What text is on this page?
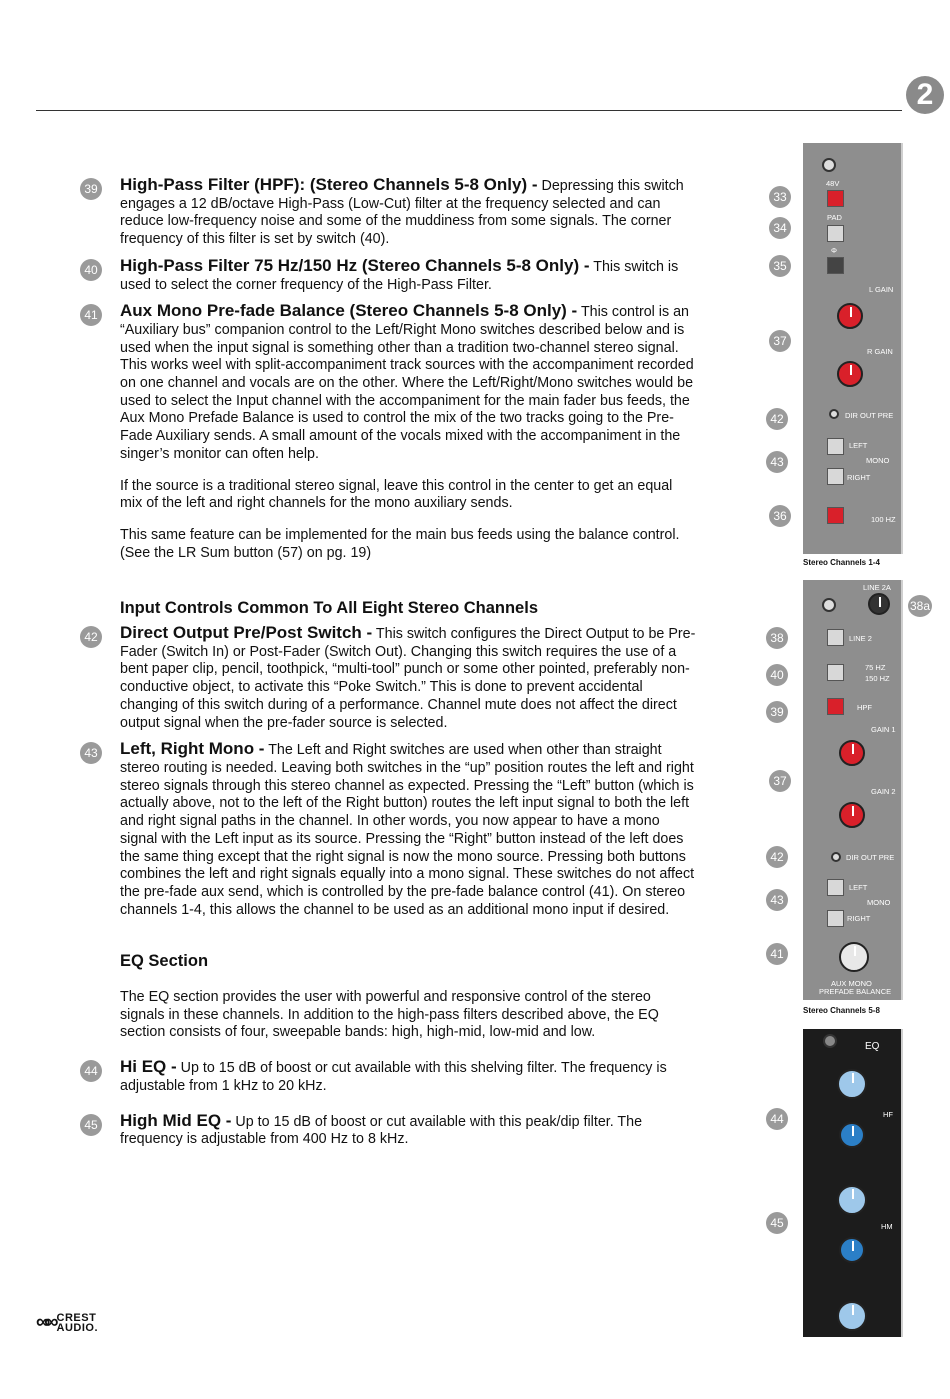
2
39 High-Pass Filter (HPF): (Stereo Channels 5-8 Only) - Depressing this switch engages a 12 dB/octave High-Pass (Low-Cut) filter at the frequency selected and can reduce low-frequency noise and some of the muddiness from some signals. The corner frequency of this filter is set by switch (40).
40 High-Pass Filter 75 Hz/150 Hz (Stereo Channels 5-8 Only) - This switch is used to select the corner frequency of the High-Pass Filter.
41 Aux Mono Pre-fade Balance (Stereo Channels 5-8 Only) - This control is an “Auxiliary bus” companion control to the Left/Right Mono switches described below and is used when the input signal is something other than a tradition two-channel stereo signal. This works weel with split-accompaniment track sources with the accompaniment recorded on one channel and vocals are on the other. Where the Left/Right/Mono switches would be used to select the Input channel with the accompaniment for the main fader bus feeds, the Aux Mono Prefade Balance is used to control the mix of the two tracks going to the Pre-Fade Auxiliary sends. A small amount of the vocals mixed with the accompaniment in the singer’s monitor can often help.

If the source is a traditional stereo signal, leave this control in the center to get an equal mix of the left and right channels for the mono auxiliary sends.

This same feature can be implemented for the main bus feeds using the balance control. (See the LR Sum button (57) on pg. 19)

Input Controls Common To All Eight Stereo Channels
42 Direct Output Pre/Post Switch - This switch configures the Direct Output to be Pre-Fader (Switch In) or Post-Fader (Switch Out). Changing this switch requires the use of a bent paper clip, pencil, toothpick, “multi-tool” punch or some other pointed, preferably non-conductive object, to activate this “Poke Switch.” This is done to prevent accidental changing of this switch during of a performance. Channel mute does not affect the direct output signal when the pre-fader source is selected.
43 Left, Right Mono - The Left and Right switches are used when other than straight stereo routing is needed. Leaving both switches in the “up” position routes the left and right stereo signals through this stereo channel as expected. Pressing the “Left” button (which is actually above, not to the left of the Right button) routes the left input signal to both the left and right signal paths in the channel. In other words, you now appear to have a mono signal with the Left input as its source. Pressing the “Right” button instead of the left does the same thing except that the right signal is now the mono source. Pressing both buttons combines the left and right signals equally into a mono signal. These switches do not affect the pre-fade aux send, which is controlled by the pre-fade balance control (41). On stereo channels 1-4, this allows the channel to be used as an additional mono input if desired.
EQ Section

The EQ section provides the user with powerful and responsive control of the stereo signals in these channels. In addition to the high-pass filters described above, the EQ section consists of four, sweepable bands: high, high-mid, low-mid and low.

44 Hi EQ - Up to 15 dB of boost or cut available with this shelving filter. The frequency is adjustable from 1 kHz to 20 kHz.
45 High Mid EQ - Up to 15 dB of boost or cut available with this peak/dip filter. The frequency is adjustable from 400 Hz to 8 kHz.
∞∞ CREST
AUDIO.
33
34
35
37
42
43
36
38a
38
40
39
37
42
43
41
44
45
48V
PAD
Φ
L GAIN
R GAIN
DIR OUT PRE
LEFT
MONO
RIGHT
100 HZ
Stereo Channels 1-4
LINE 2A
LINE 2
75 HZ
150 HZ
HPF
GAIN 1
GAIN 2
DIR OUT PRE
LEFT
MONO
RIGHT
AUX MONO
PREFADE BALANCE
Stereo Channels 5-8
EQ
HF
HM
